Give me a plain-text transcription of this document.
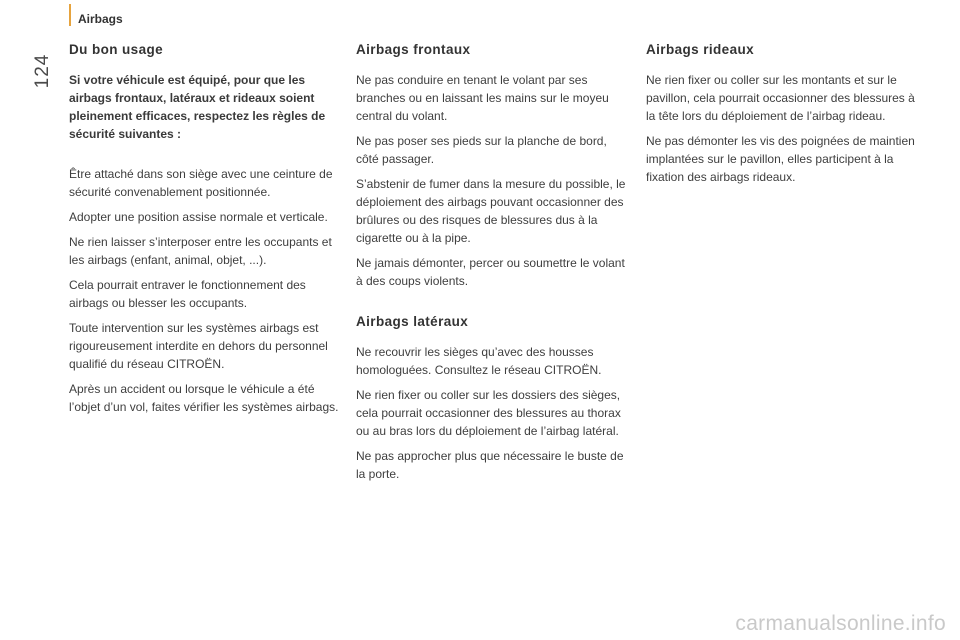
Airbags
124
Du bon usage
Si votre véhicule est équipé, pour que les airbags frontaux, latéraux et rideaux soient pleinement efficaces, respectez les règles de sécurité suivantes :

Être attaché dans son siège avec une ceinture de sécurité convenablement positionnée.

Adopter une position assise normale et verticale.

Ne rien laisser s’interposer entre les occupants et les airbags (enfant, animal, objet, ...).

Cela pourrait entraver le fonctionnement des airbags ou blesser les occupants.

Toute intervention sur les systèmes airbags est rigoureusement interdite en dehors du personnel qualifié du réseau CITROËN.

Après un accident ou lorsque le véhicule a été l’objet d’un vol, faites vérifier les systèmes airbags.

Airbags frontaux

Ne pas conduire en tenant le volant par ses branches ou en laissant les mains sur le moyeu central du volant.

Ne pas poser ses pieds sur la planche de bord, côté passager.

S’abstenir de fumer dans la mesure du possible, le déploiement des airbags pouvant occasionner des brûlures ou des risques de blessures dus à la cigarette ou à la pipe.

Ne jamais démonter, percer ou soumettre le volant à des coups violents.

Airbags latéraux

Ne recouvrir les sièges qu’avec des housses homologuées. Consultez le réseau CITROËN.

Ne rien fixer ou coller sur les dossiers des sièges, cela pourrait occasionner des blessures au thorax ou au bras lors du déploiement de l’airbag latéral.

Ne pas approcher plus que nécessaire le buste de la porte.

Airbags rideaux

Ne rien fixer ou coller sur les montants et sur le pavillon, cela pourrait occasionner des blessures à la tête lors du déploiement de l’airbag rideau.

Ne pas démonter les vis des poignées de maintien implantées sur le pavillon, elles participent à la fixation des airbags rideaux.

carmanualsonline.info
